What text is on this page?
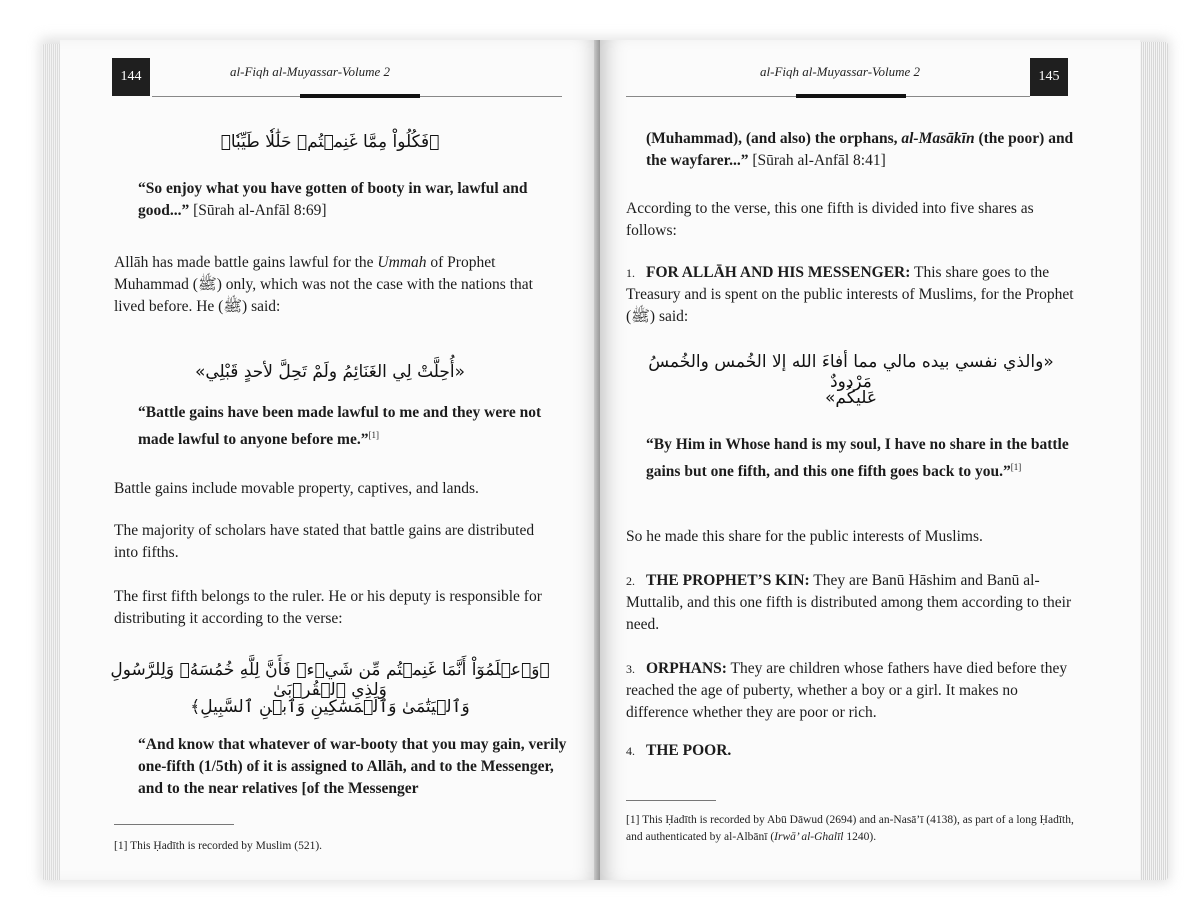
144	al-Fiqh al-Muyassar-Volume 2
﴿فَكُلُواْ مِمَّا غَنِمۡتُمۡ حَلَٰلٗا طَيِّبٗا﴾
“So enjoy what you have gotten of booty in war, lawful and good...” [Sūrah al-Anfāl 8:69]
Allāh has made battle gains lawful for the Ummah of Prophet Muhammad (ﷺ) only, which was not the case with the nations that lived before. He (ﷺ) said:
«أُحِلَّتْ لِي الغَنَائِمُ ولَمْ تَحِلَّ لأحدٍ قَبْلِي»
“Battle gains have been made lawful to me and they were not made lawful to anyone before me.”[1]
Battle gains include movable property, captives, and lands.
The majority of scholars have stated that battle gains are distributed into fifths.
The first fifth belongs to the ruler. He or his deputy is responsible for distributing it according to the verse:
﴿وَٱعۡلَمُوٓاْ أَنَّمَا غَنِمۡتُم مِّن شَيۡءٖ فَأَنَّ لِلَّهِ خُمُسَهُۥ وَلِلرَّسُولِ وَلِذِي ٱلۡقُرۡبَىٰ
وَٱلۡيَتَٰمَىٰ وَٱلۡمَسَٰكِينِ وَٱبۡنِ ٱلسَّبِيلِ﴾
“And know that whatever of war-booty that you may gain, verily one-fifth (1/5th) of it is assigned to Allāh, and to the Messenger, and to the near relatives [of the Messenger
[1] This Ḥadīth is recorded by Muslim (521).
al-Fiqh al-Muyassar-Volume 2	145
(Muhammad), (and also) the orphans, al-Masākīn (the poor) and the wayfarer...” [Sūrah al-Anfāl 8:41]
According to the verse, this one fifth is divided into five shares as follows:
1. FOR ALLĀH AND HIS MESSENGER: This share goes to the Treasury and is spent on the public interests of Muslims, for the Prophet (ﷺ) said:
«والذي نفسي بيده مالي مما أفاءَ الله إلا الخُمس والخُمسُ مَرْدودٌ
عَليكُم»
“By Him in Whose hand is my soul, I have no share in the battle gains but one fifth, and this one fifth goes back to you.”[1]
So he made this share for the public interests of Muslims.
2. THE PROPHET’S KIN: They are Banū Hāshim and Banū al-Muttalib, and this one fifth is distributed among them according to their need.
3. ORPHANS: They are children whose fathers have died before they reached the age of puberty, whether a boy or a girl. It makes no difference whether they are poor or rich.
4. THE POOR.
[1] This Ḥadīth is recorded by Abū Dāwud (2694) and an-Nasā’ī (4138), as part of a long Ḥadīth, and authenticated by al-Albānī (Irwā’ al-Ghalīl 1240).
